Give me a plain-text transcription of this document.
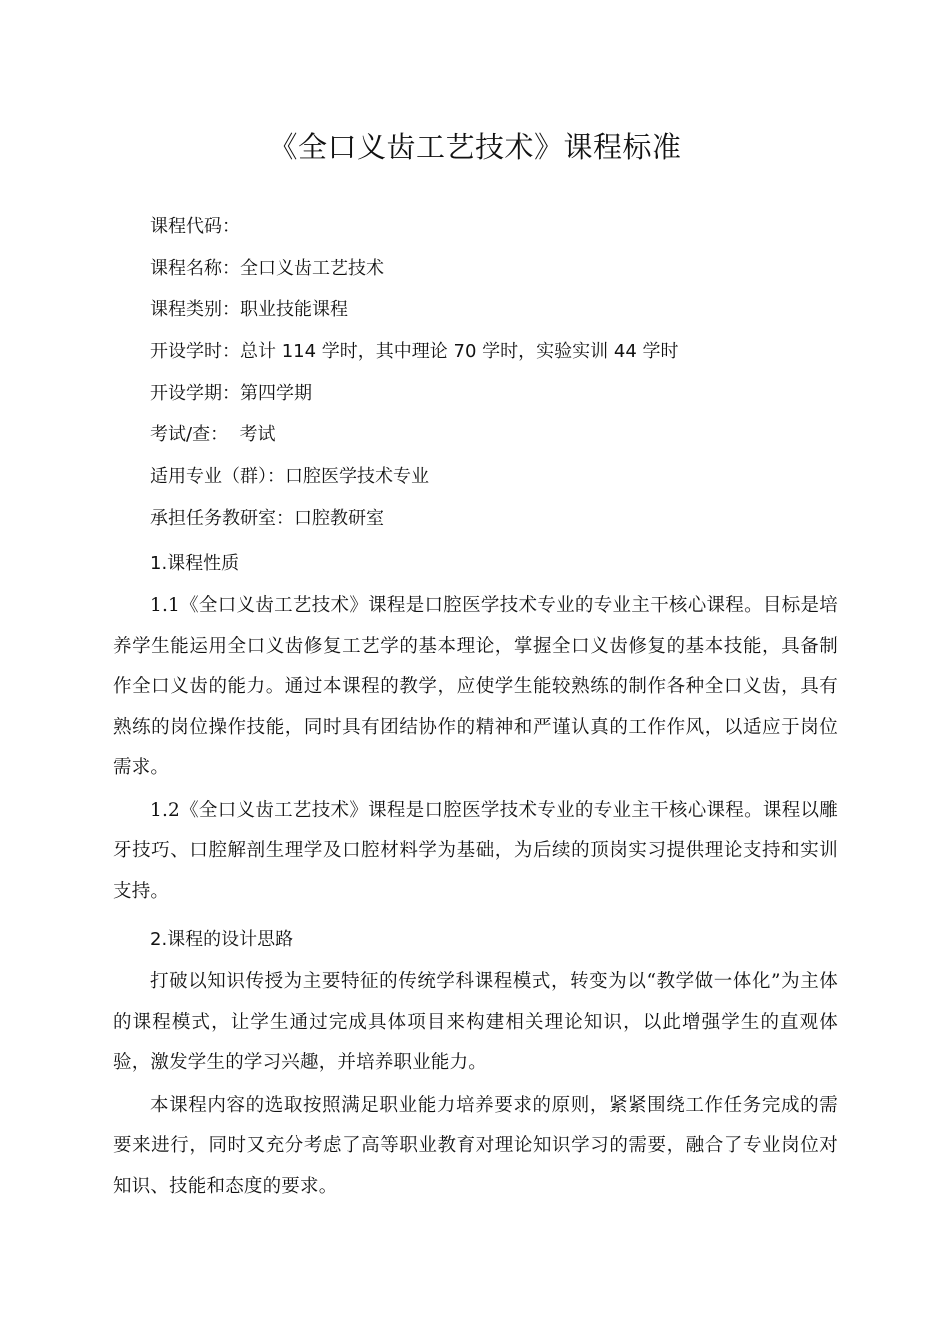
《全口义齿工艺技术》课程标准
课程代码：
课程名称：全口义齿工艺技术
课程类别：职业技能课程
开设学时：总计 114 学时，其中理论 70 学时，实验实训 44 学时
开设学期：第四学期
考试/查：  考试
适用专业（群）：口腔医学技术专业
承担任务教研室：口腔教研室
1.课程性质

1.1《全口义齿工艺技术》课程是口腔医学技术专业的专业主干核心课程。目标是培养学生能运用全口义齿修复工艺学的基本理论，掌握全口义齿修复的基本技能，具备制作全口义齿的能力。通过本课程的教学，应使学生能较熟练的制作各种全口义齿，具有熟练的岗位操作技能，同时具有团结协作的精神和严谨认真的工作作风，以适应于岗位需求。

1.2《全口义齿工艺技术》课程是口腔医学技术专业的专业主干核心课程。课程以雕牙技巧、口腔解剖生理学及口腔材料学为基础，为后续的顶岗实习提供理论支持和实训支持。

2.课程的设计思路

打破以知识传授为主要特征的传统学科课程模式，转变为以“教学做一体化”为主体的课程模式，让学生通过完成具体项目来构建相关理论知识，以此增强学生的直观体验，激发学生的学习兴趣，并培养职业能力。

本课程内容的选取按照满足职业能力培养要求的原则，紧紧围绕工作任务完成的需要来进行，同时又充分考虑了高等职业教育对理论知识学习的需要，融合了专业岗位对知识、技能和态度的要求。
